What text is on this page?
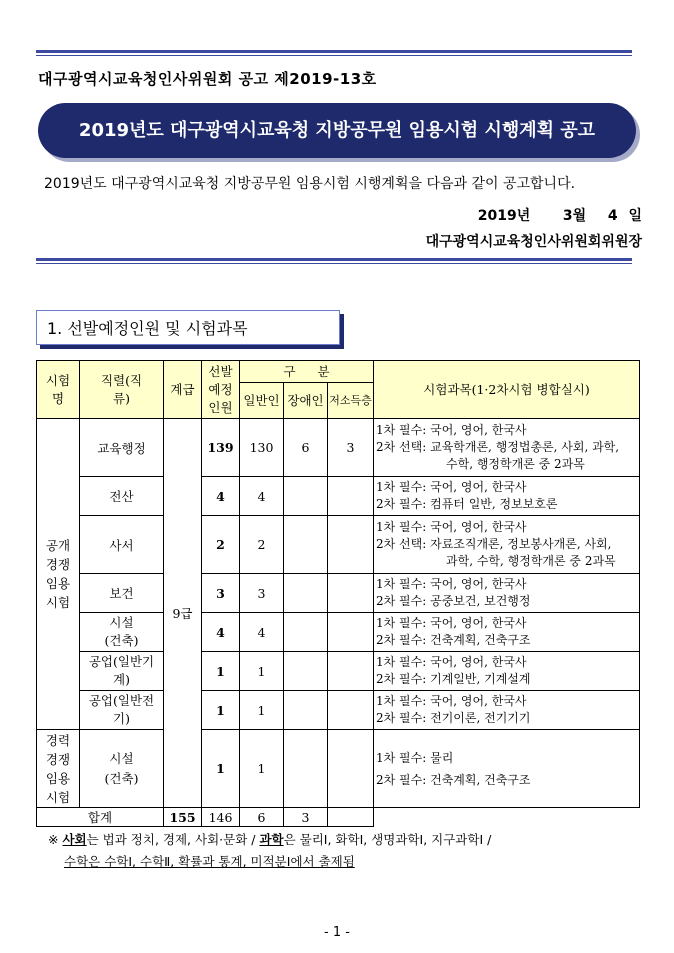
대구광역시교육청인사위원회 공고 제2019-13호
2019년도 대구광역시교육청 지방공무원 임용시험 시행계획 공고
2019년도 대구광역시교육청 지방공무원 임용시험 시행계획을 다음과 같이 공고합니다.
2019년   3월  4 일
대구광역시교육청인사위원회위원장
1. 선발예정인원 및 시험과목
시험명	직렬(직류)	계급	선발예정인원	구 분			시험과목(1·2차시험 병합실시)
				일반인	장애인	저소득층	

공개경쟁임용시험	교육행정	9급	139	130	6	3	1차 필수: 국어, 영어, 한국사
2차 선택: 교육학개론, 행정법총론, 사회, 과학,
수학, 행정학개론 중 2과목

	전산		4	4			1차 필수: 국어, 영어, 한국사
2차 필수: 컴퓨터 일반, 정보보호론
	사서		2	2			1차 필수: 국어, 영어, 한국사
2차 선택: 자료조직개론, 정보봉사개론, 사회,
과학, 수학, 행정학개론 중 2과목

	보건		3	3			1차 필수: 국어, 영어, 한국사
2차 필수: 공중보건, 보건행정

	시설(건축)		4	4			1차 필수: 국어, 영어, 한국사
2차 필수: 건축계획, 건축구조

	공업(일반기계)		1	1			1차 필수: 국어, 영어, 한국사
2차 필수: 기계일반, 기계설계

	공업(일반전기)		1	1			1차 필수: 국어, 영어, 한국사
2차 필수: 전기이론, 전기기기

경력경쟁임용시험	시설(건축)		1	1			1차 필수: 물리
2차 필수: 건축계획, 건축구조
합계		155	146	6	3		
※ 사회는 법과 정치, 경제, 사회·문화 / 과학은 물리Ⅰ, 화학Ⅰ, 생명과학Ⅰ, 지구과학Ⅰ /
수학은 수학Ⅰ, 수학Ⅱ, 확률과 통계, 미적분Ⅰ에서 출제됨
- 1 -
